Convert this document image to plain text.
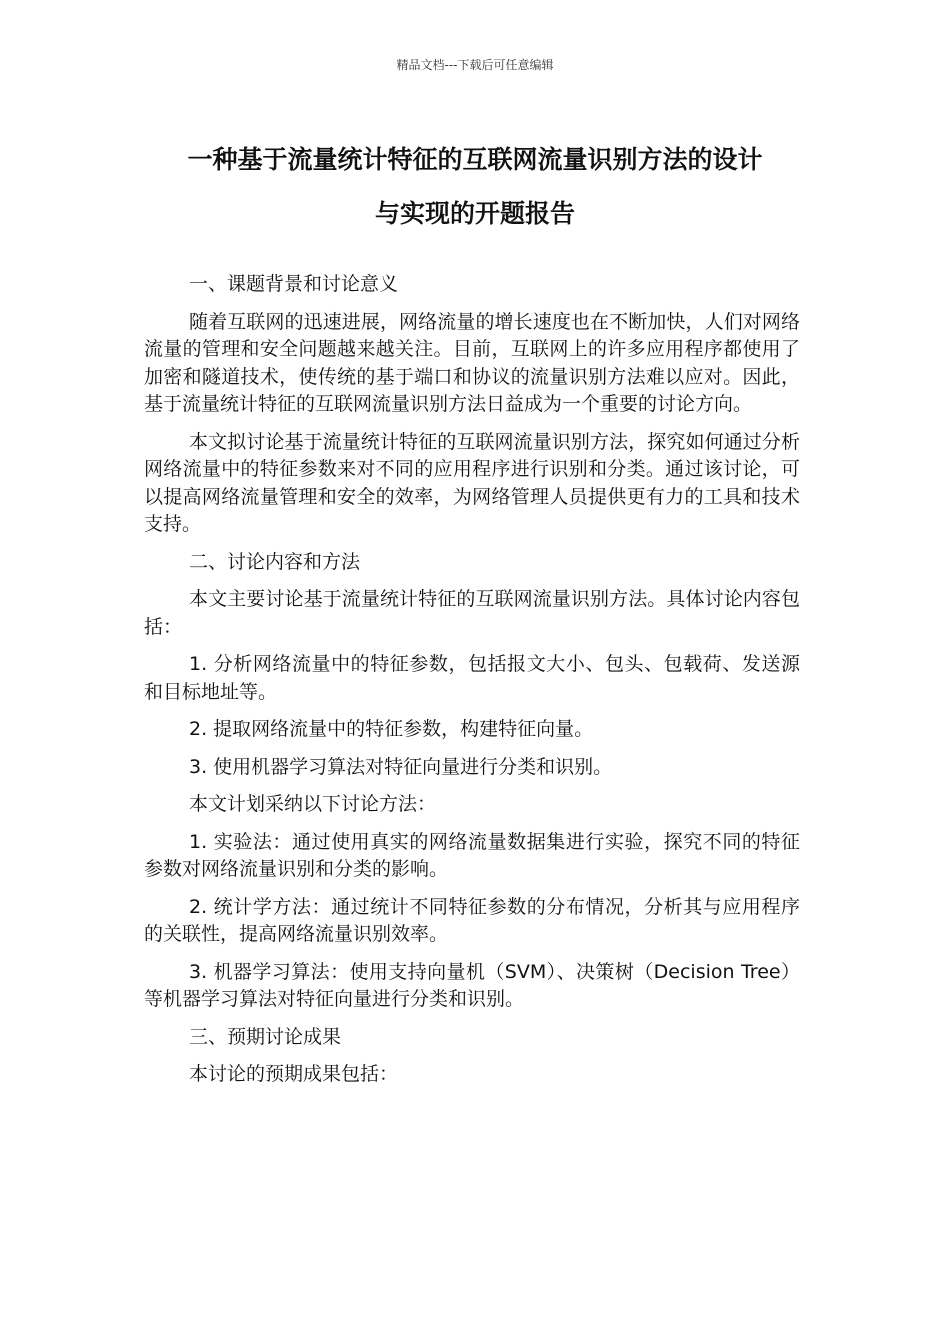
精品文档---下载后可任意编辑
一种基于流量统计特征的互联网流量识别方法的设计
与实现的开题报告

一、课题背景和讨论意义

随着互联网的迅速进展，网络流量的增长速度也在不断加快，人们对网络流量的管理和安全问题越来越关注。目前，互联网上的许多应用程序都使用了加密和隧道技术，使传统的基于端口和协议的流量识别方法难以应对。因此，基于流量统计特征的互联网流量识别方法日益成为一个重要的讨论方向。

本文拟讨论基于流量统计特征的互联网流量识别方法，探究如何通过分析网络流量中的特征参数来对不同的应用程序进行识别和分类。通过该讨论，可以提高网络流量管理和安全的效率，为网络管理人员提供更有力的工具和技术支持。

二、讨论内容和方法

本文主要讨论基于流量统计特征的互联网流量识别方法。具体讨论内容包括：

1. 分析网络流量中的特征参数，包括报文大小、包头、包载荷、发送源和目标地址等。

2. 提取网络流量中的特征参数，构建特征向量。

3. 使用机器学习算法对特征向量进行分类和识别。

本文计划采纳以下讨论方法：

1. 实验法：通过使用真实的网络流量数据集进行实验，探究不同的特征参数对网络流量识别和分类的影响。

2. 统计学方法：通过统计不同特征参数的分布情况，分析其与应用程序的关联性，提高网络流量识别效率。

3. 机器学习算法：使用支持向量机（SVM）、决策树（Decision Tree）等机器学习算法对特征向量进行分类和识别。

三、预期讨论成果

本讨论的预期成果包括：
